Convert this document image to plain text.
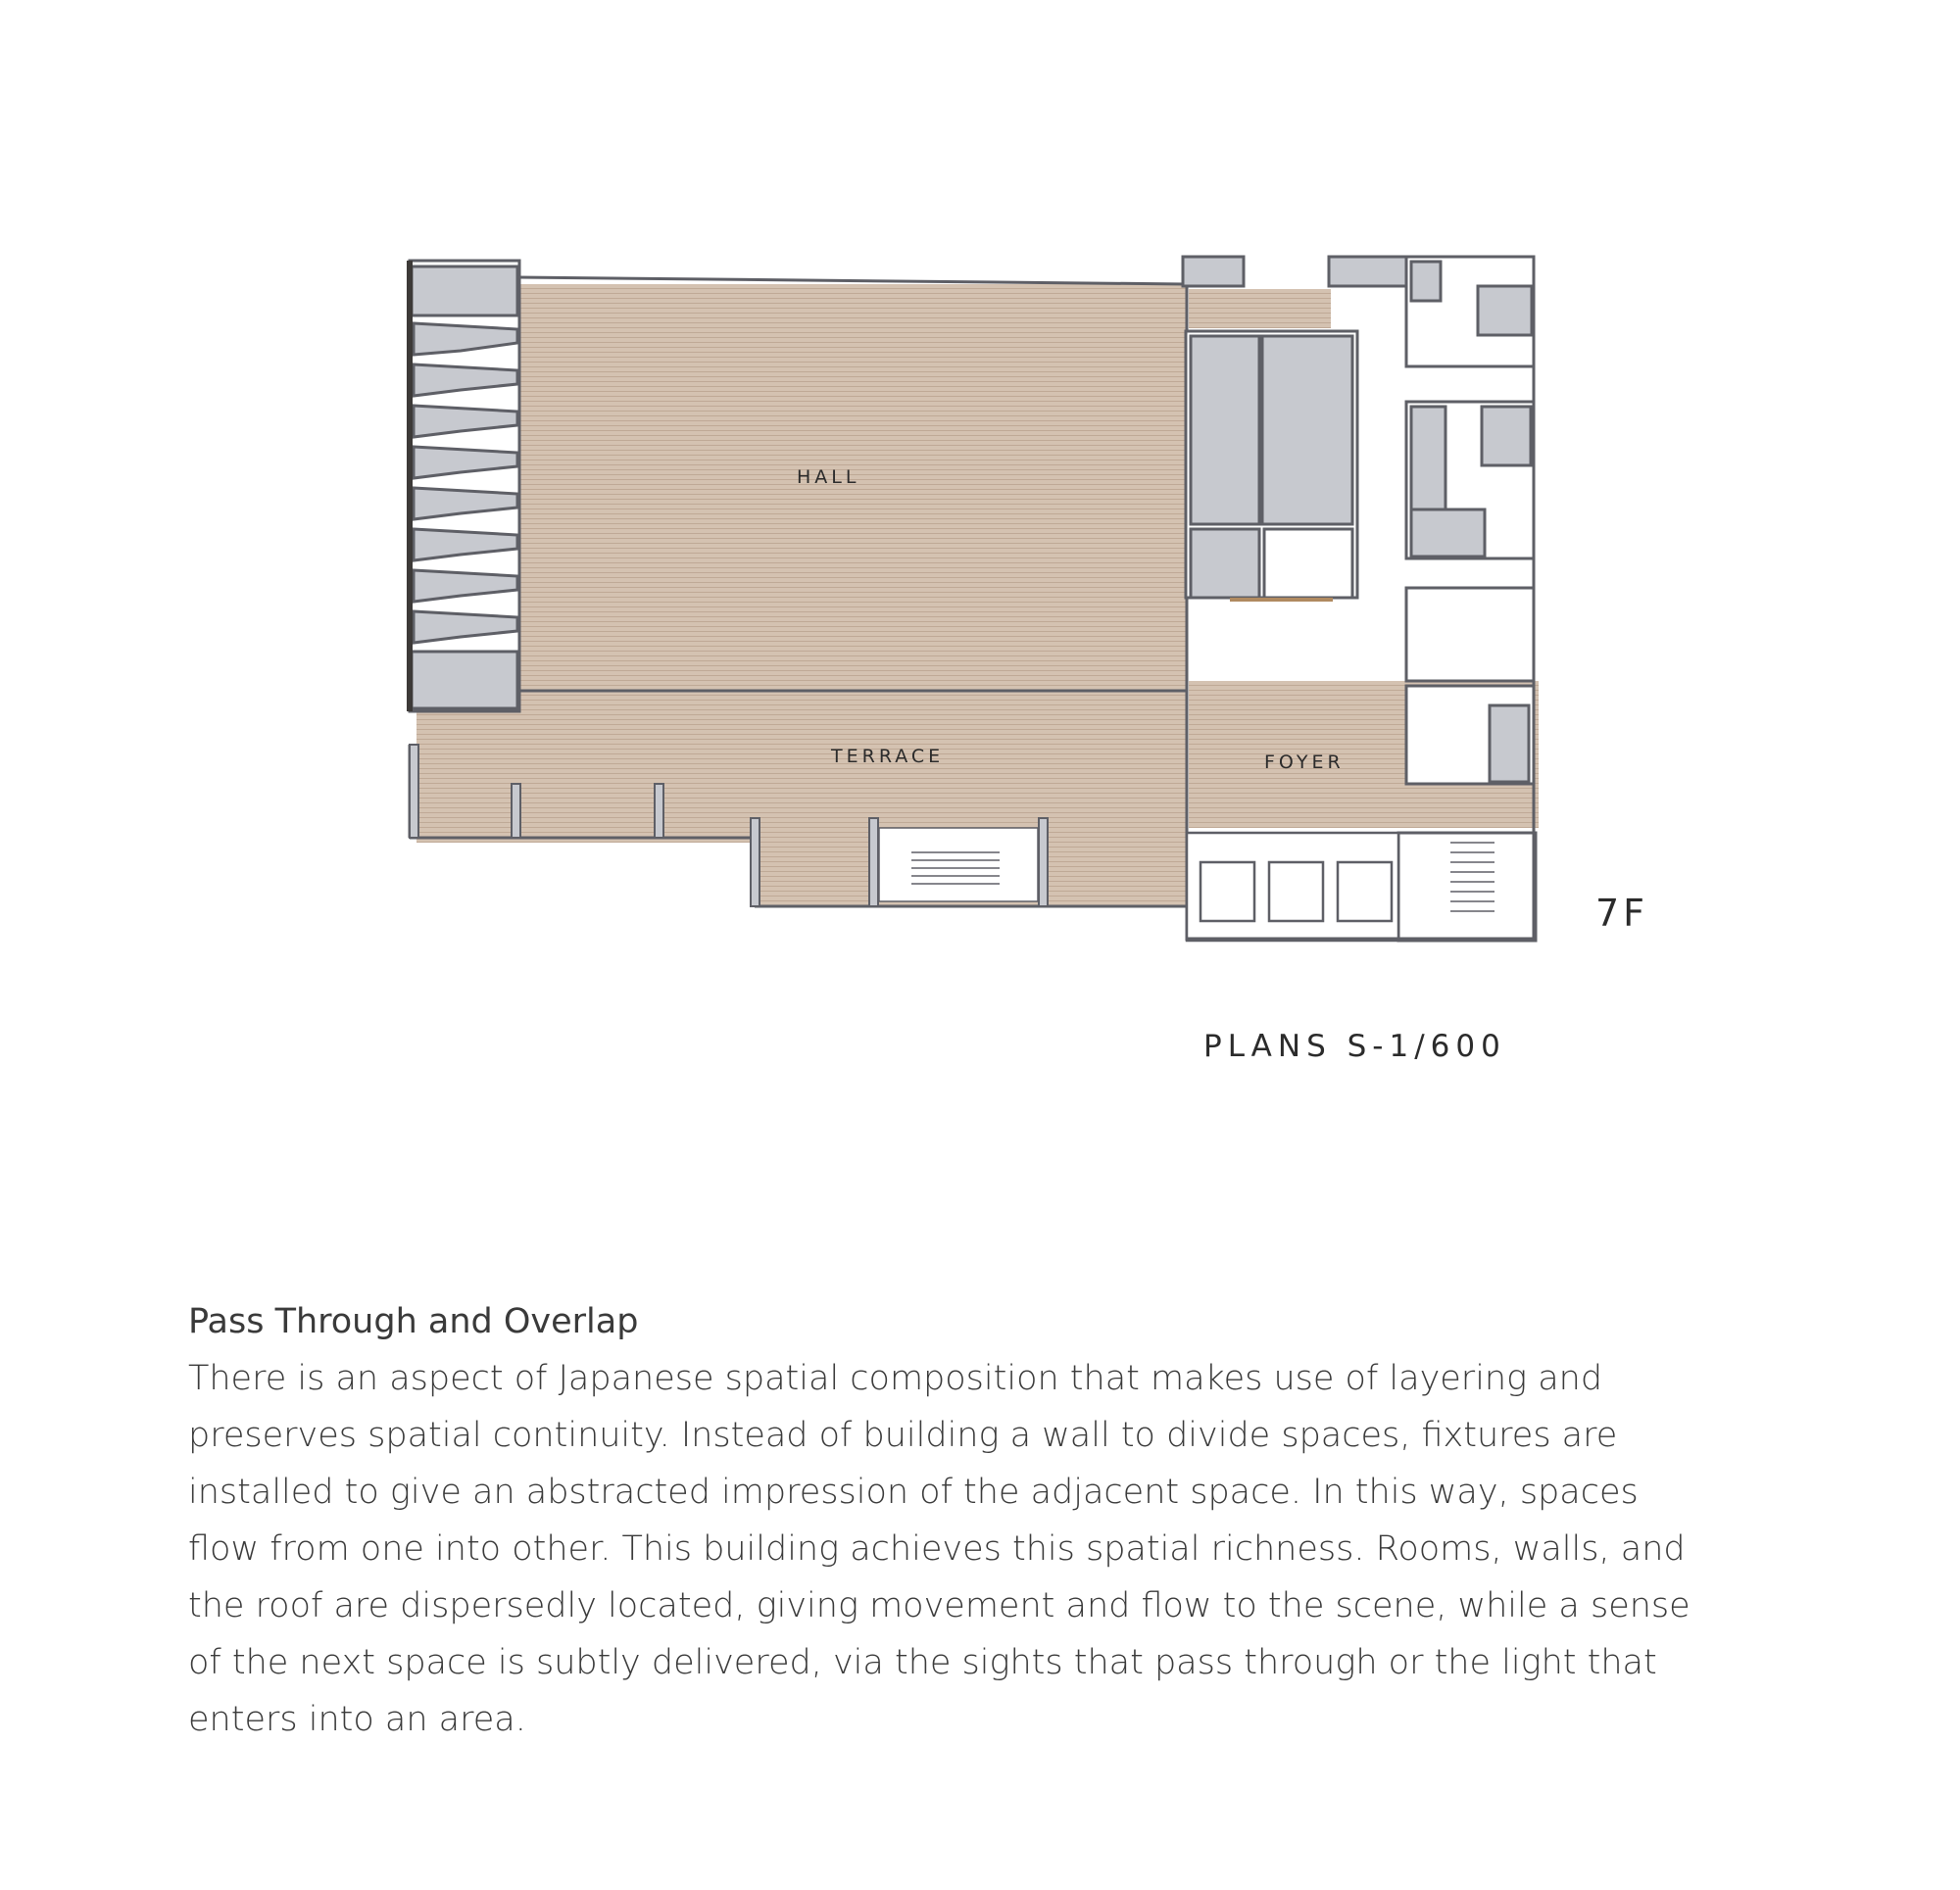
HALL
TERRACE	FOYER
7F
PLANS S-1/600

Pass Through and Overlap

There is an aspect of Japanese spatial composition that makes use of layering and
preserves spatial continuity. Instead of building a wall to divide spaces, fixtures are
installed to give an abstracted impression of the adjacent space. In this way, spaces
flow from one into other. This building achieves this spatial richness. Rooms, walls, and
the roof are dispersedly located, giving movement and flow to the scene, while a sense
of the next space is subtly delivered, via the sights that pass through or the light that
enters into an area.
